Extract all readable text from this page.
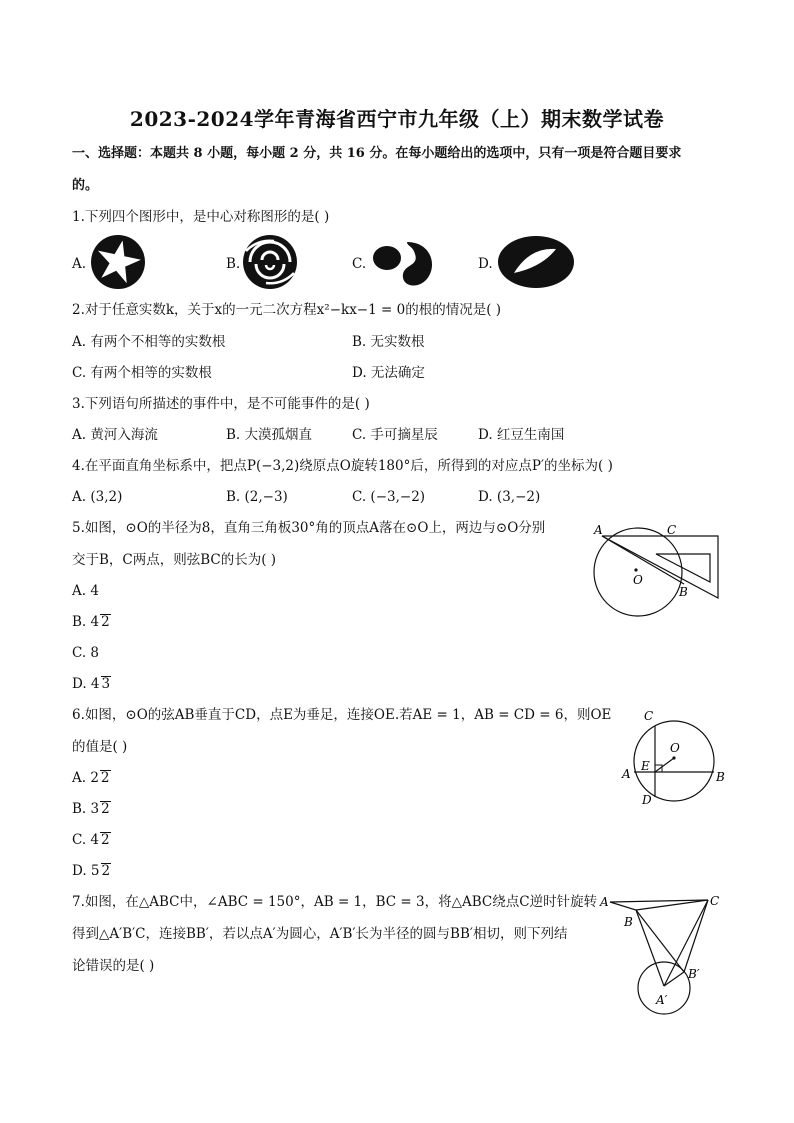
2023-2024学年青海省西宁市九年级（上）期末数学试卷
一、选择题：本题共 8 小题，每小题 2 分，共 16 分。在每小题给出的选项中，只有一项是符合题目要求
的。
1.下列四个图形中，是中心对称图形的是( )
A.	B.	C.	D.
2.对于任意实数k，关于x的一元二次方程x²−kx−1 = 0的根的情况是( )
A. 有两个不相等的实数根	B. 无实数根
C. 有两个相等的实数根	D. 无法确定
3.下列语句所描述的事件中，是不可能事件的是( )
A. 黄河入海流	B. 大漠孤烟直	C. 手可摘星辰	D. 红豆生南国
4.在平面直角坐标系中，把点P(−3,2)绕原点O旋转180°后，所得到的对应点P′的坐标为( )
A. (3,2)	B. (2,−3)	C. (−3,−2)	D. (3,−2)
5.如图，⊙O的半径为8，直角三角板30°角的顶点A落在⊙O上，两边与⊙O分别
交于B，C两点，则弦BC的长为( )
A. 4
B. 4 2
C. 8
D. 4 3
A	C
O
B
6.如图，⊙O的弦AB垂直于CD，点E为垂足，连接OE.若AE = 1，AB = CD = 6，则OE
的值是( )
A. 2 2
B. 3 2
C. 4 2
D. 5 2
C
O
A
E
B
D
7.如图，在△ABC中，∠ABC = 150°，AB = 1，BC = 3，将△ABC绕点C逆时针旋转
得到△A′B′C，连接BB′，若以点A′为圆心，A′B′长为半径的圆与BB′相切，则下列结
论错误的是( )
A
B
C
B′
A′
